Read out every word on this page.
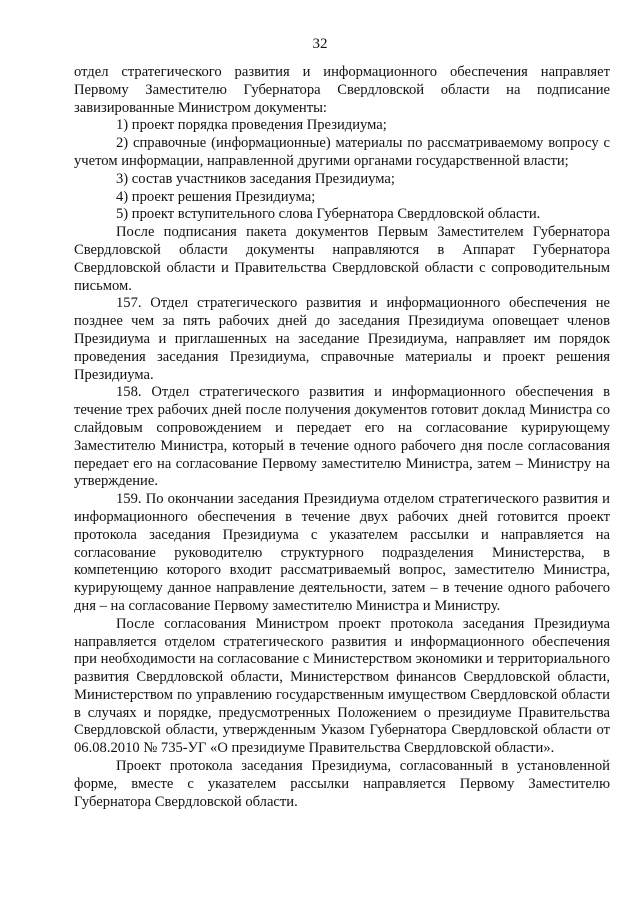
32

отдел стратегического развития и информационного обеспечения направляет Первому Заместителю Губернатора Свердловской области на подписание завизированные Министром документы:

1) проект порядка проведения Президиума;

2) справочные (информационные) материалы по рассматриваемому вопросу с учетом информации, направленной другими органами государственной власти;

3) состав участников заседания Президиума;

4) проект решения Президиума;

5) проект вступительного слова Губернатора Свердловской области.

После подписания пакета документов Первым Заместителем Губернатора Свердловской области документы направляются в Аппарат Губернатора Свердловской области и Правительства Свердловской области с сопроводительным письмом.

157. Отдел стратегического развития и информационного обеспечения не позднее чем за пять рабочих дней до заседания Президиума оповещает членов Президиума и приглашенных на заседание Президиума, направляет им порядок проведения заседания Президиума, справочные материалы и проект решения Президиума.

158. Отдел стратегического развития и информационного обеспечения в течение трех рабочих дней после получения документов готовит доклад Министра со слайдовым сопровождением и передает его на согласование курирующему Заместителю Министра, который в течение одного рабочего дня после согласования передает его на согласование Первому заместителю Министра, затем – Министру на утверждение.

159. По окончании заседания Президиума отделом стратегического развития и информационного обеспечения в течение двух рабочих дней готовится проект протокола заседания Президиума с указателем рассылки и направляется на согласование руководителю структурного подразделения Министерства, в компетенцию которого входит рассматриваемый вопрос, заместителю Министра, курирующему данное направление деятельности, затем – в течение одного рабочего дня – на согласование Первому заместителю Министра и Министру.

После согласования Министром проект протокола заседания Президиума направляется отделом стратегического развития и информационного обеспечения при необходимости на согласование с Министерством экономики и территориального развития Свердловской области, Министерством финансов Свердловской области, Министерством по управлению государственным имуществом Свердловской области в случаях и порядке, предусмотренных Положением о президиуме Правительства Свердловской области, утвержденным Указом Губернатора Свердловской области от 06.08.2010 № 735-УГ «О президиуме Правительства Свердловской области».

Проект протокола заседания Президиума, согласованный в установленной форме, вместе с указателем рассылки направляется Первому Заместителю Губернатора Свердловской области.
